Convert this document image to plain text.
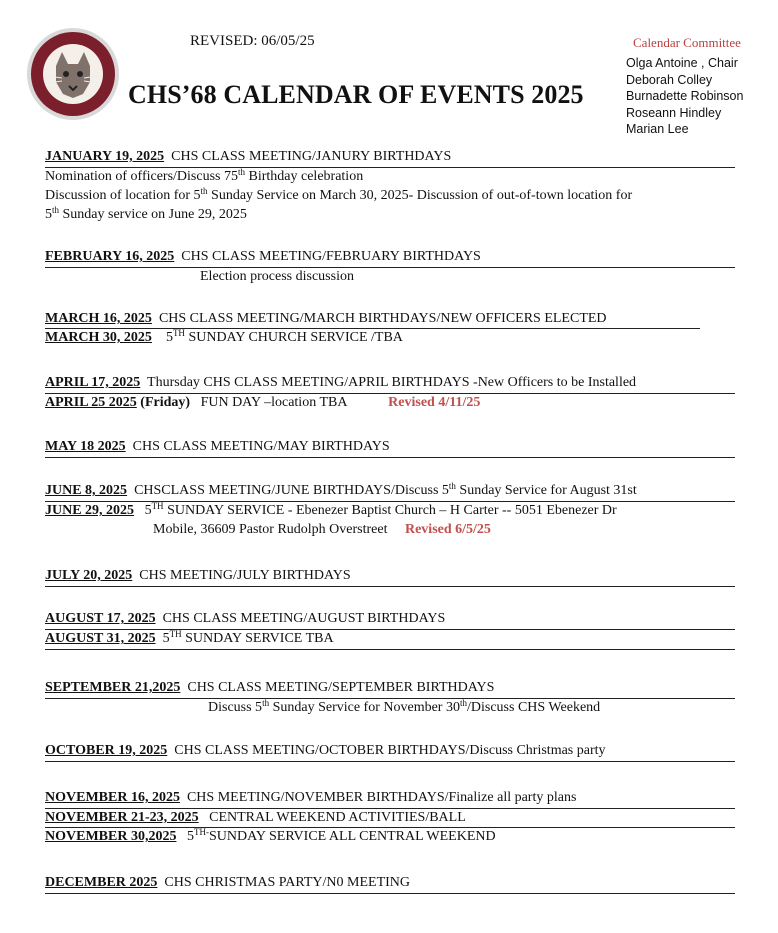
REVISED: 06/05/25
CHS’68 CALENDAR OF EVENTS 2025
Calendar Committee
Olga Antoine , Chair
Deborah Colley
Burnadette Robinson
Roseann Hindley
Marian Lee
JANUARY 19, 2025 CHS CLASS MEETING/JANURY BIRTHDAYS
Nomination of officers/Discuss 75th Birthday celebration
Discussion of location for 5th Sunday Service on March 30, 2025- Discussion of out-of-town location for
5th Sunday service on June 29, 2025
FEBRUARY 16, 2025 CHS CLASS MEETING/FEBRUARY BIRTHDAYS
Election process discussion
MARCH 16, 2025 CHS CLASS MEETING/MARCH BIRTHDAYS/NEW OFFICERS ELECTED
MARCH 30, 2025 5TH SUNDAY CHURCH SERVICE /TBA
APRIL 17, 2025 Thursday CHS CLASS MEETING/APRIL BIRTHDAYS -New Officers to be Installed
APRIL 25 2025 (Friday) FUN DAY –location TBA	Revised 4/11/25
MAY 18 2025 CHS CLASS MEETING/MAY BIRTHDAYS
JUNE 8, 2025 CHSCLASS MEETING/JUNE BIRTHDAYS/Discuss 5th Sunday Service for August 31st
JUNE 29, 2025 5TH SUNDAY SERVICE - Ebenezer Baptist Church – H Carter -- 5051 Ebenezer Dr
Mobile, 36609 Pastor Rudolph Overstreet Revised 6/5/25
JULY 20, 2025 CHS MEETING/JULY BIRTHDAYS
AUGUST 17, 2025 CHS CLASS MEETING/AUGUST BIRTHDAYS
AUGUST 31, 2025 5TH SUNDAY SERVICE TBA
SEPTEMBER 21,2025 CHS CLASS MEETING/SEPTEMBER BIRTHDAYS
Discuss 5th Sunday Service for November 30th/Discuss CHS Weekend
OCTOBER 19, 2025 CHS CLASS MEETING/OCTOBER BIRTHDAYS/Discuss Christmas party
NOVEMBER 16, 2025 CHS MEETING/NOVEMBER BIRTHDAYS/Finalize all party plans
NOVEMBER 21-23, 2025 CENTRAL WEEKEND ACTIVITIES/BALL
NOVEMBER 30,2025 $5^{TH-}SUNDAY$ SERVICE ALL CENTRAL WEEKEND
DECEMBER 2025 CHS CHRISTMAS PARTY/N0 MEETING
